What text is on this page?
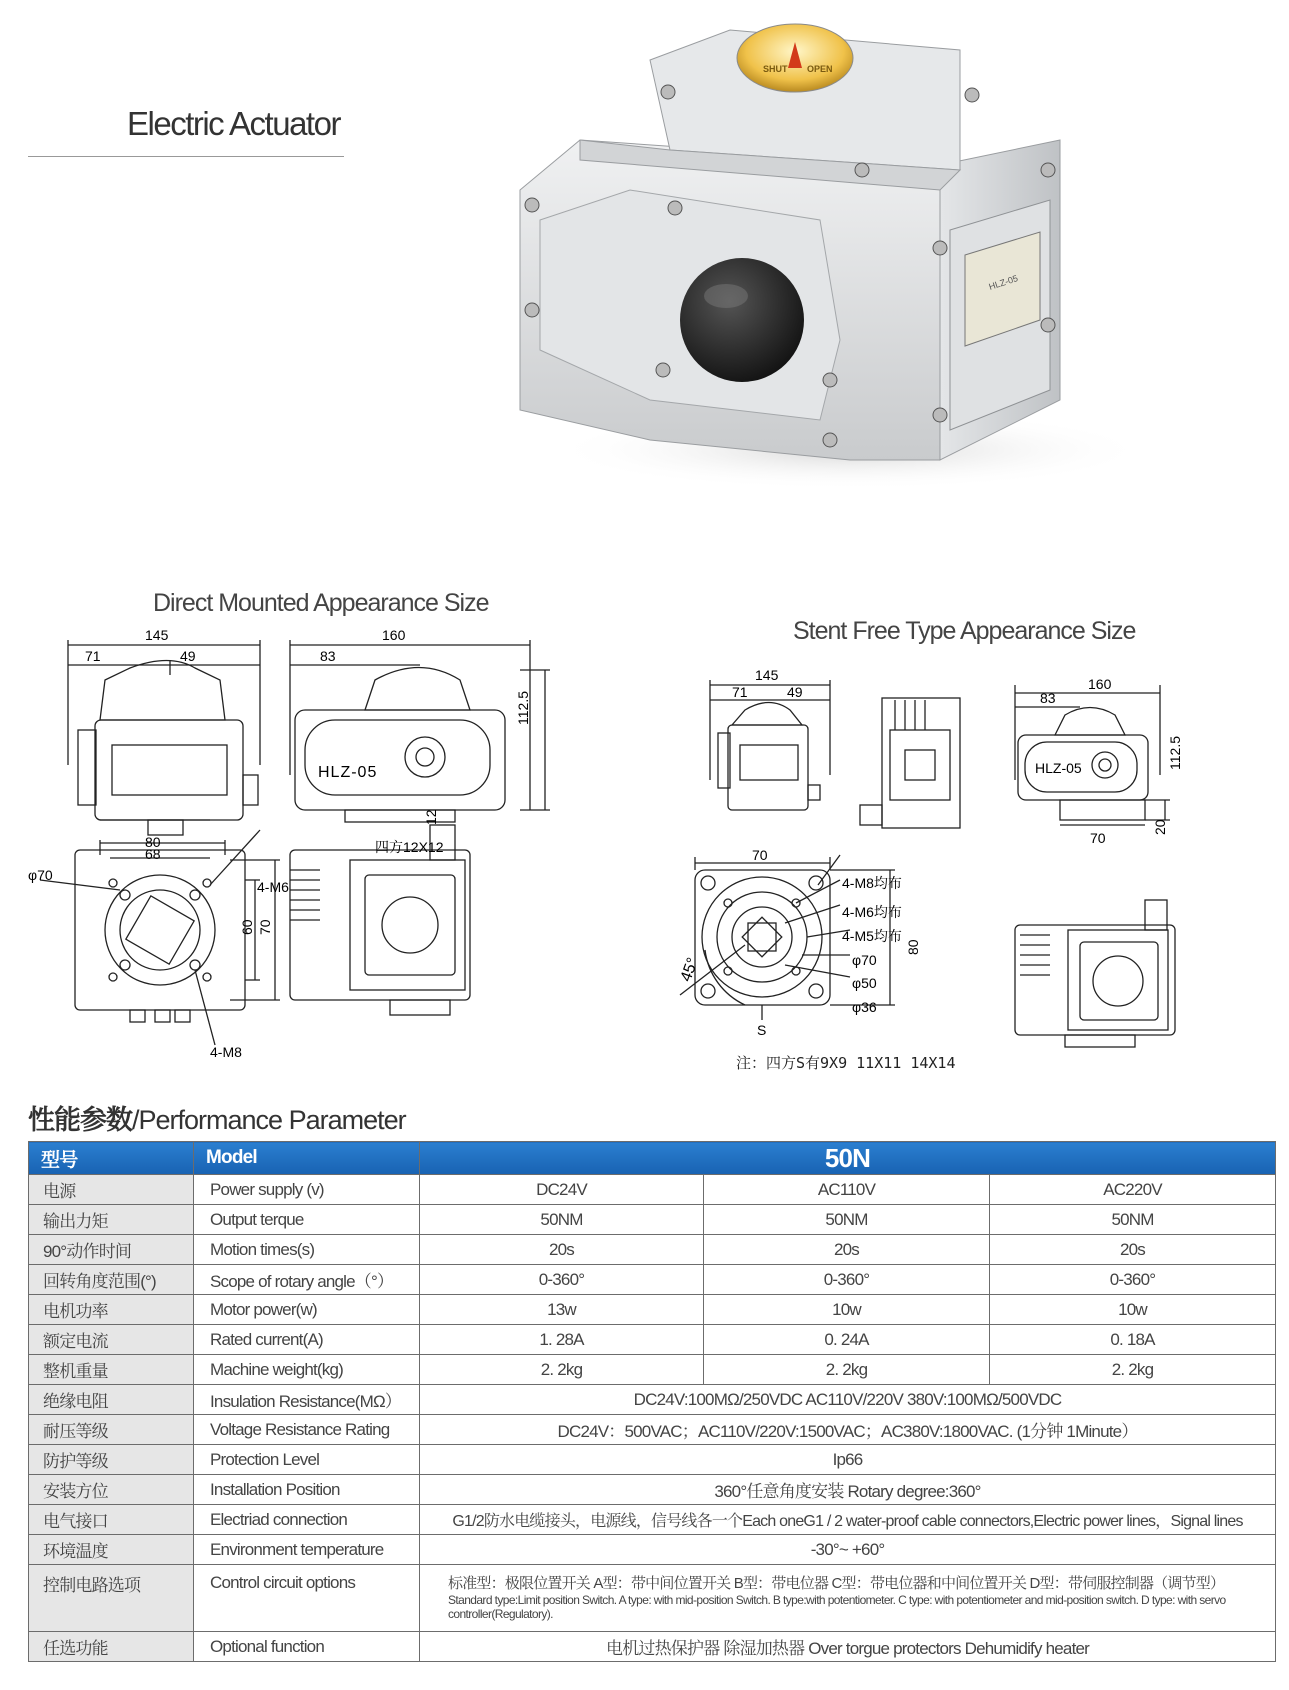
Electric Actuator
HLZ-05
SHUT OPEN
Direct Mounted Appearance Size
145
71	49
160
83
112.5
12
四方12X12
HLZ-05
80
68
φ70
4-M6
4-M8
60 70
Stent Free Type Appearance Size
145
71	49	160
83
112.5
70
20
HLZ-05
70
80
45°
4-M8均布
4-M6均布
4-M5均布
φ70
φ50
φ36
S
注：四方S有9X9 11X11 14X14
性能参数/Performance Parameter
型号	Model	50N		
电源	Power supply (v)	DC24V	AC110V	AC220V
输出力矩	Output terque	50NM	50NM	50NM
90°动作时间	Motion times(s)	20s	20s	20s
回转角度范围(°)	Scope of rotary angle（°）	0-360°	0-360°	0-360°
电机功率	Motor power(w)	13w	10w	10w
额定电流	Rated current(A)	1. 28A	0. 24A	0. 18A
整机重量	Machine weight(kg)	2. 2kg	2. 2kg	2. 2kg
绝缘电阻	Insulation Resistance(MΩ）	DC24V:100MΩ/250VDC AC110V/220V 380V:100MΩ/500VDC		
耐压等级	Voltage Resistance Rating	DC24V：500VAC；AC110V/220V:1500VAC；AC380V:1800VAC. (1分钟 1Minute）		
防护等级	Protection Level	Ip66		
安装方位	Installation Position	360°任意角度安装 Rotary degree:360°		
电气接口	Electriad connection	G1/2防水电缆接头，电源线，信号线各一个Each oneG1 / 2 water-proof cable connectors,Electric power lines，Signal lines		
环境温度	Environment temperature	-30°~ +60°		
控制电路选项	Control circuit options	标准型：极限位置开关 A型：带中间位置开关 B型：带电位器 C型：带电位器和中间位置开关 D型：带伺服控制器（调节型）
Standard type:Limit position Switch. A type: with mid-position Switch. B type:with potentiometer. C type: with potentiometer and mid-position switch. D type: with servo controller(Regulatory).		

任选功能	Optional function	电机过热保护器 除湿加热器 Over torgue protectors Dehumidify heater		
